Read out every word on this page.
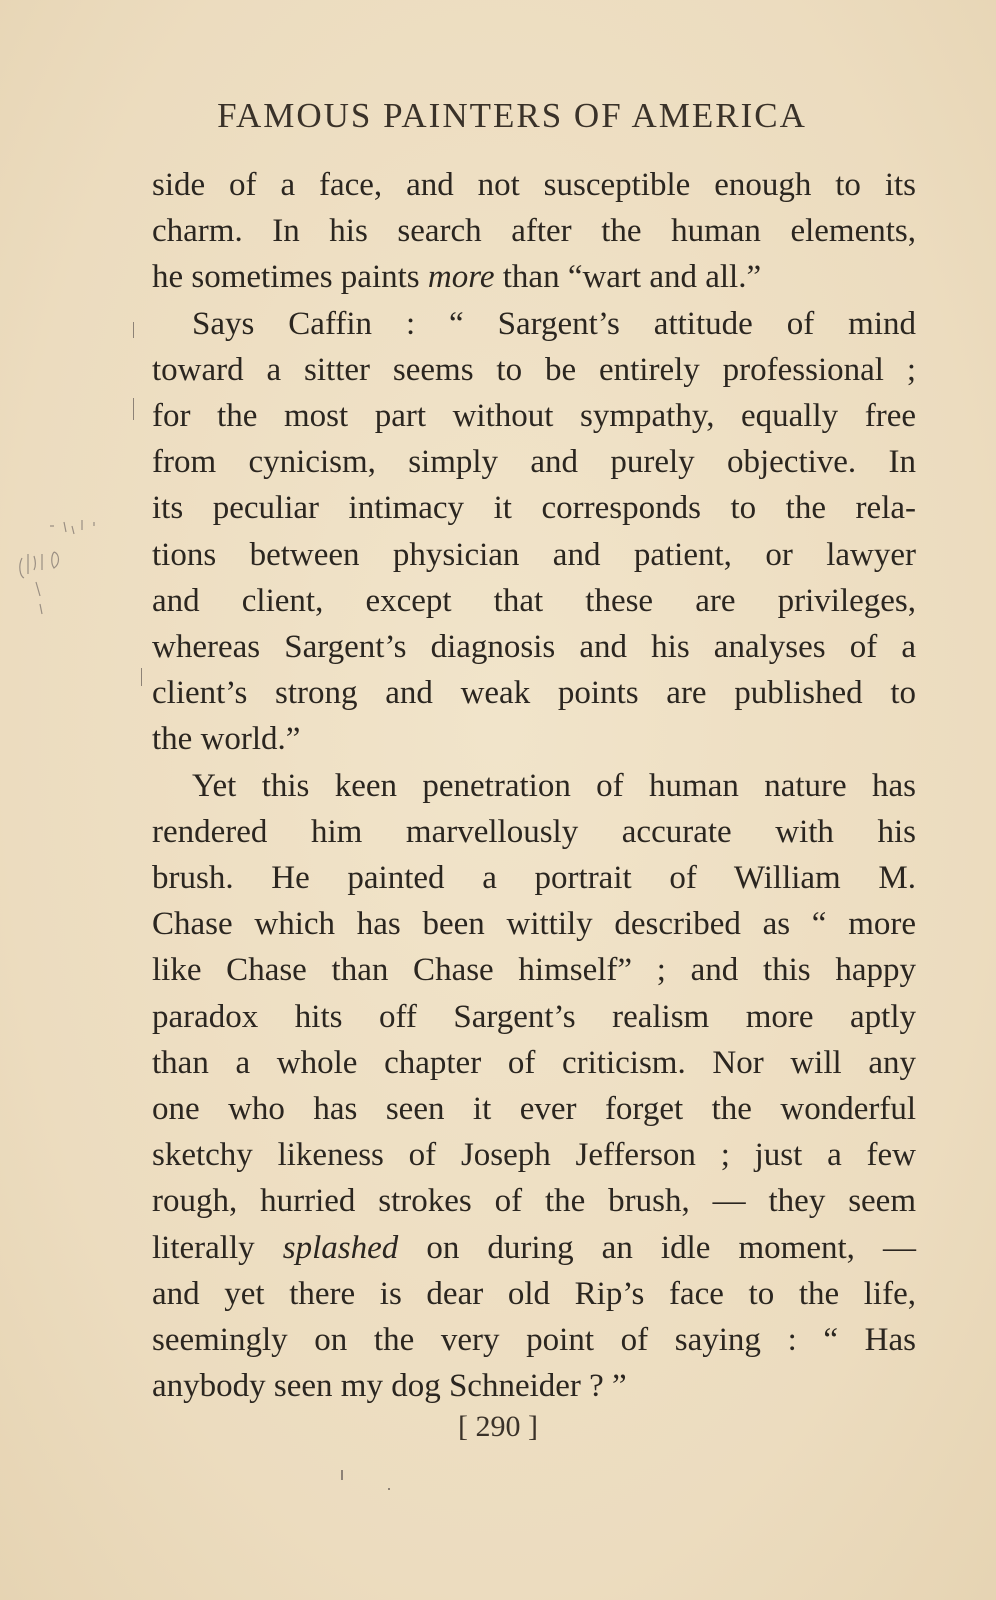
FAMOUS PAINTERS OF AMERICA
side of a face, and not susceptible enough to its
charm. In his search after the human elements,
he sometimes paints more than “wart and all.”
Says Caffin : “ Sargent’s attitude of mind
toward a sitter seems to be entirely professional ;
for the most part without sympathy, equally free
from cynicism, simply and purely objective. In
its peculiar intimacy it corresponds to the rela-
tions between physician and patient, or lawyer
and client, except that these are privileges,
whereas Sargent’s diagnosis and his analyses of a
client’s strong and weak points are published to
the world.”
Yet this keen penetration of human nature has
rendered him marvellously accurate with his
brush. He painted a portrait of William M.
Chase which has been wittily described as “ more
like Chase than Chase himself” ; and this happy
paradox hits off Sargent’s realism more aptly
than a whole chapter of criticism. Nor will any
one who has seen it ever forget the wonderful
sketchy likeness of Joseph Jefferson ; just a few
rough, hurried strokes of the brush, — they seem
literally splashed on during an idle moment, —
and yet there is dear old Rip’s face to the life,
seemingly on the very point of saying : “ Has
anybody seen my dog Schneider ? ”
[ 290 ]
